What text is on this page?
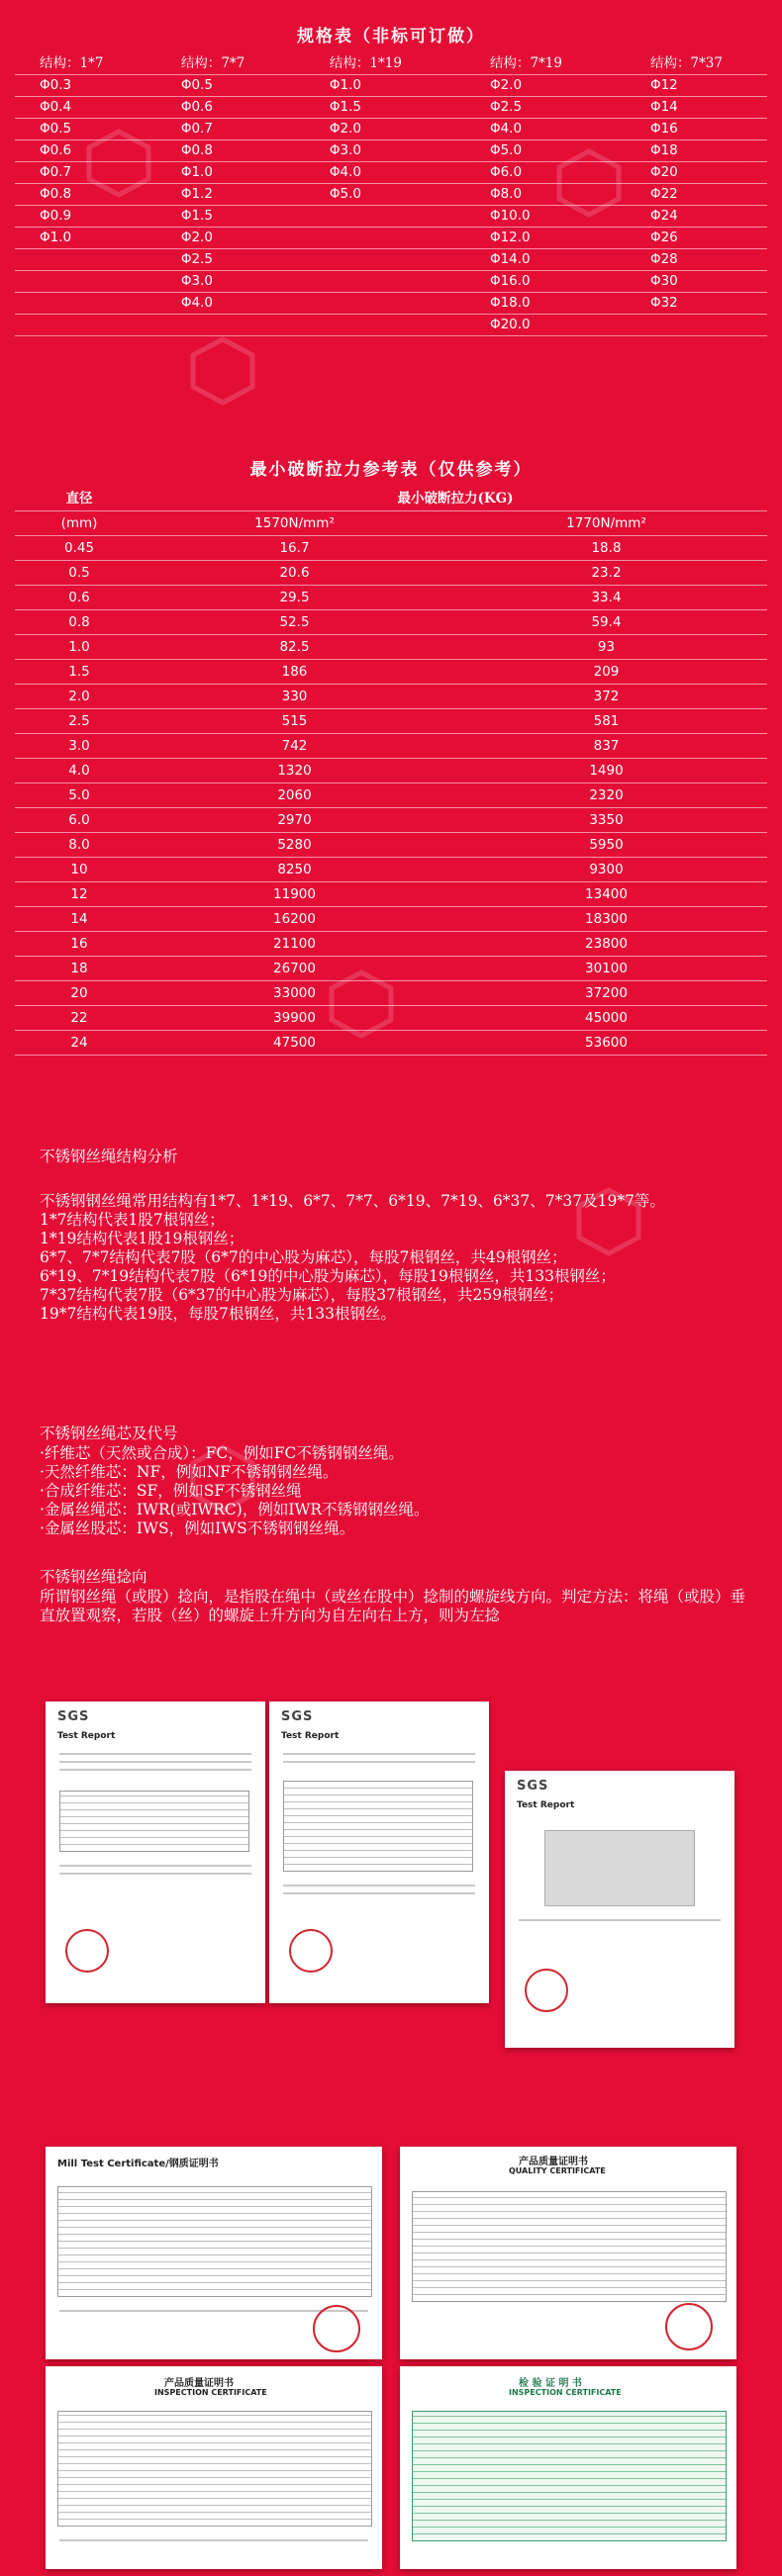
规格表（非标可订做）
结构：1*7	结构：7*7	结构：1*19	结构：7*19	结构：7*37
Φ0.3	Φ0.5	Φ1.0	Φ2.0	Φ12
Φ0.4	Φ0.6	Φ1.5	Φ2.5	Φ14
Φ0.5	Φ0.7	Φ2.0	Φ4.0	Φ16
Φ0.6	Φ0.8	Φ3.0	Φ5.0	Φ18
Φ0.7	Φ1.0	Φ4.0	Φ6.0	Φ20
Φ0.8	Φ1.2	Φ5.0	Φ8.0	Φ22
Φ0.9	Φ1.5		Φ10.0	Φ24
Φ1.0	Φ2.0		Φ12.0	Φ26
	Φ2.5		Φ14.0	Φ28
	Φ3.0		Φ16.0	Φ30
	Φ4.0		Φ18.0	Φ32
			Φ20.0	
最小破断拉力参考表（仅供参考）
直径	最小破断拉力(KG)	
(mm)	1570N/mm²	1770N/mm²
0.45	16.7	18.8
0.5	20.6	23.2
0.6	29.5	33.4
0.8	52.5	59.4
1.0	82.5	93
1.5	186	209
2.0	330	372
2.5	515	581
3.0	742	837
4.0	1320	1490
5.0	2060	2320
6.0	2970	3350
8.0	5280	5950
10	8250	9300
12	11900	13400
14	16200	18300
16	21100	23800
18	26700	30100
20	33000	37200
22	39900	45000
24	47500	53600
不锈钢丝绳结构分析
不锈钢钢丝绳常用结构有1*7、1*19、6*7、7*7、6*19、7*19、6*37、7*37及19*7等。
1*7结构代表1股7根钢丝；
1*19结构代表1股19根钢丝；
6*7、7*7结构代表7股（6*7的中心股为麻芯），每股7根钢丝，共49根钢丝；
6*19、7*19结构代表7股（6*19的中心股为麻芯），每股19根钢丝，共133根钢丝；
7*37结构代表7股（6*37的中心股为麻芯），每股37根钢丝，共259根钢丝；
19*7结构代表19股，每股7根钢丝，共133根钢丝。
不锈钢丝绳芯及代号
·纤维芯（天然或合成）：FC，例如FC不锈钢钢丝绳。
·天然纤维芯：NF，例如NF不锈钢钢丝绳。
·合成纤维芯：SF，例如SF不锈钢丝绳
·金属丝绳芯：IWR(或IWRC)，例如IWR不锈钢钢丝绳。
·金属丝股芯：IWS，例如IWS不锈钢钢丝绳。
不锈钢丝绳捻向
所谓钢丝绳（或股）捻向，是指股在绳中（或丝在股中）捻制的螺旋线方向。判定方法：将绳（或股）垂直放置观察，若股（丝）的螺旋上升方向为自左向右上方，则为左捻
SGS
Test Report
SGS
Test Report
SGS
Test Report
Mill Test Certificate/钢质证明书	产品质量证明书
QUALITY CERTIFICATE
产品质量证明书
INSPECTION CERTIFICATE
检 验 证 明 书
INSPECTION CERTIFICATE
